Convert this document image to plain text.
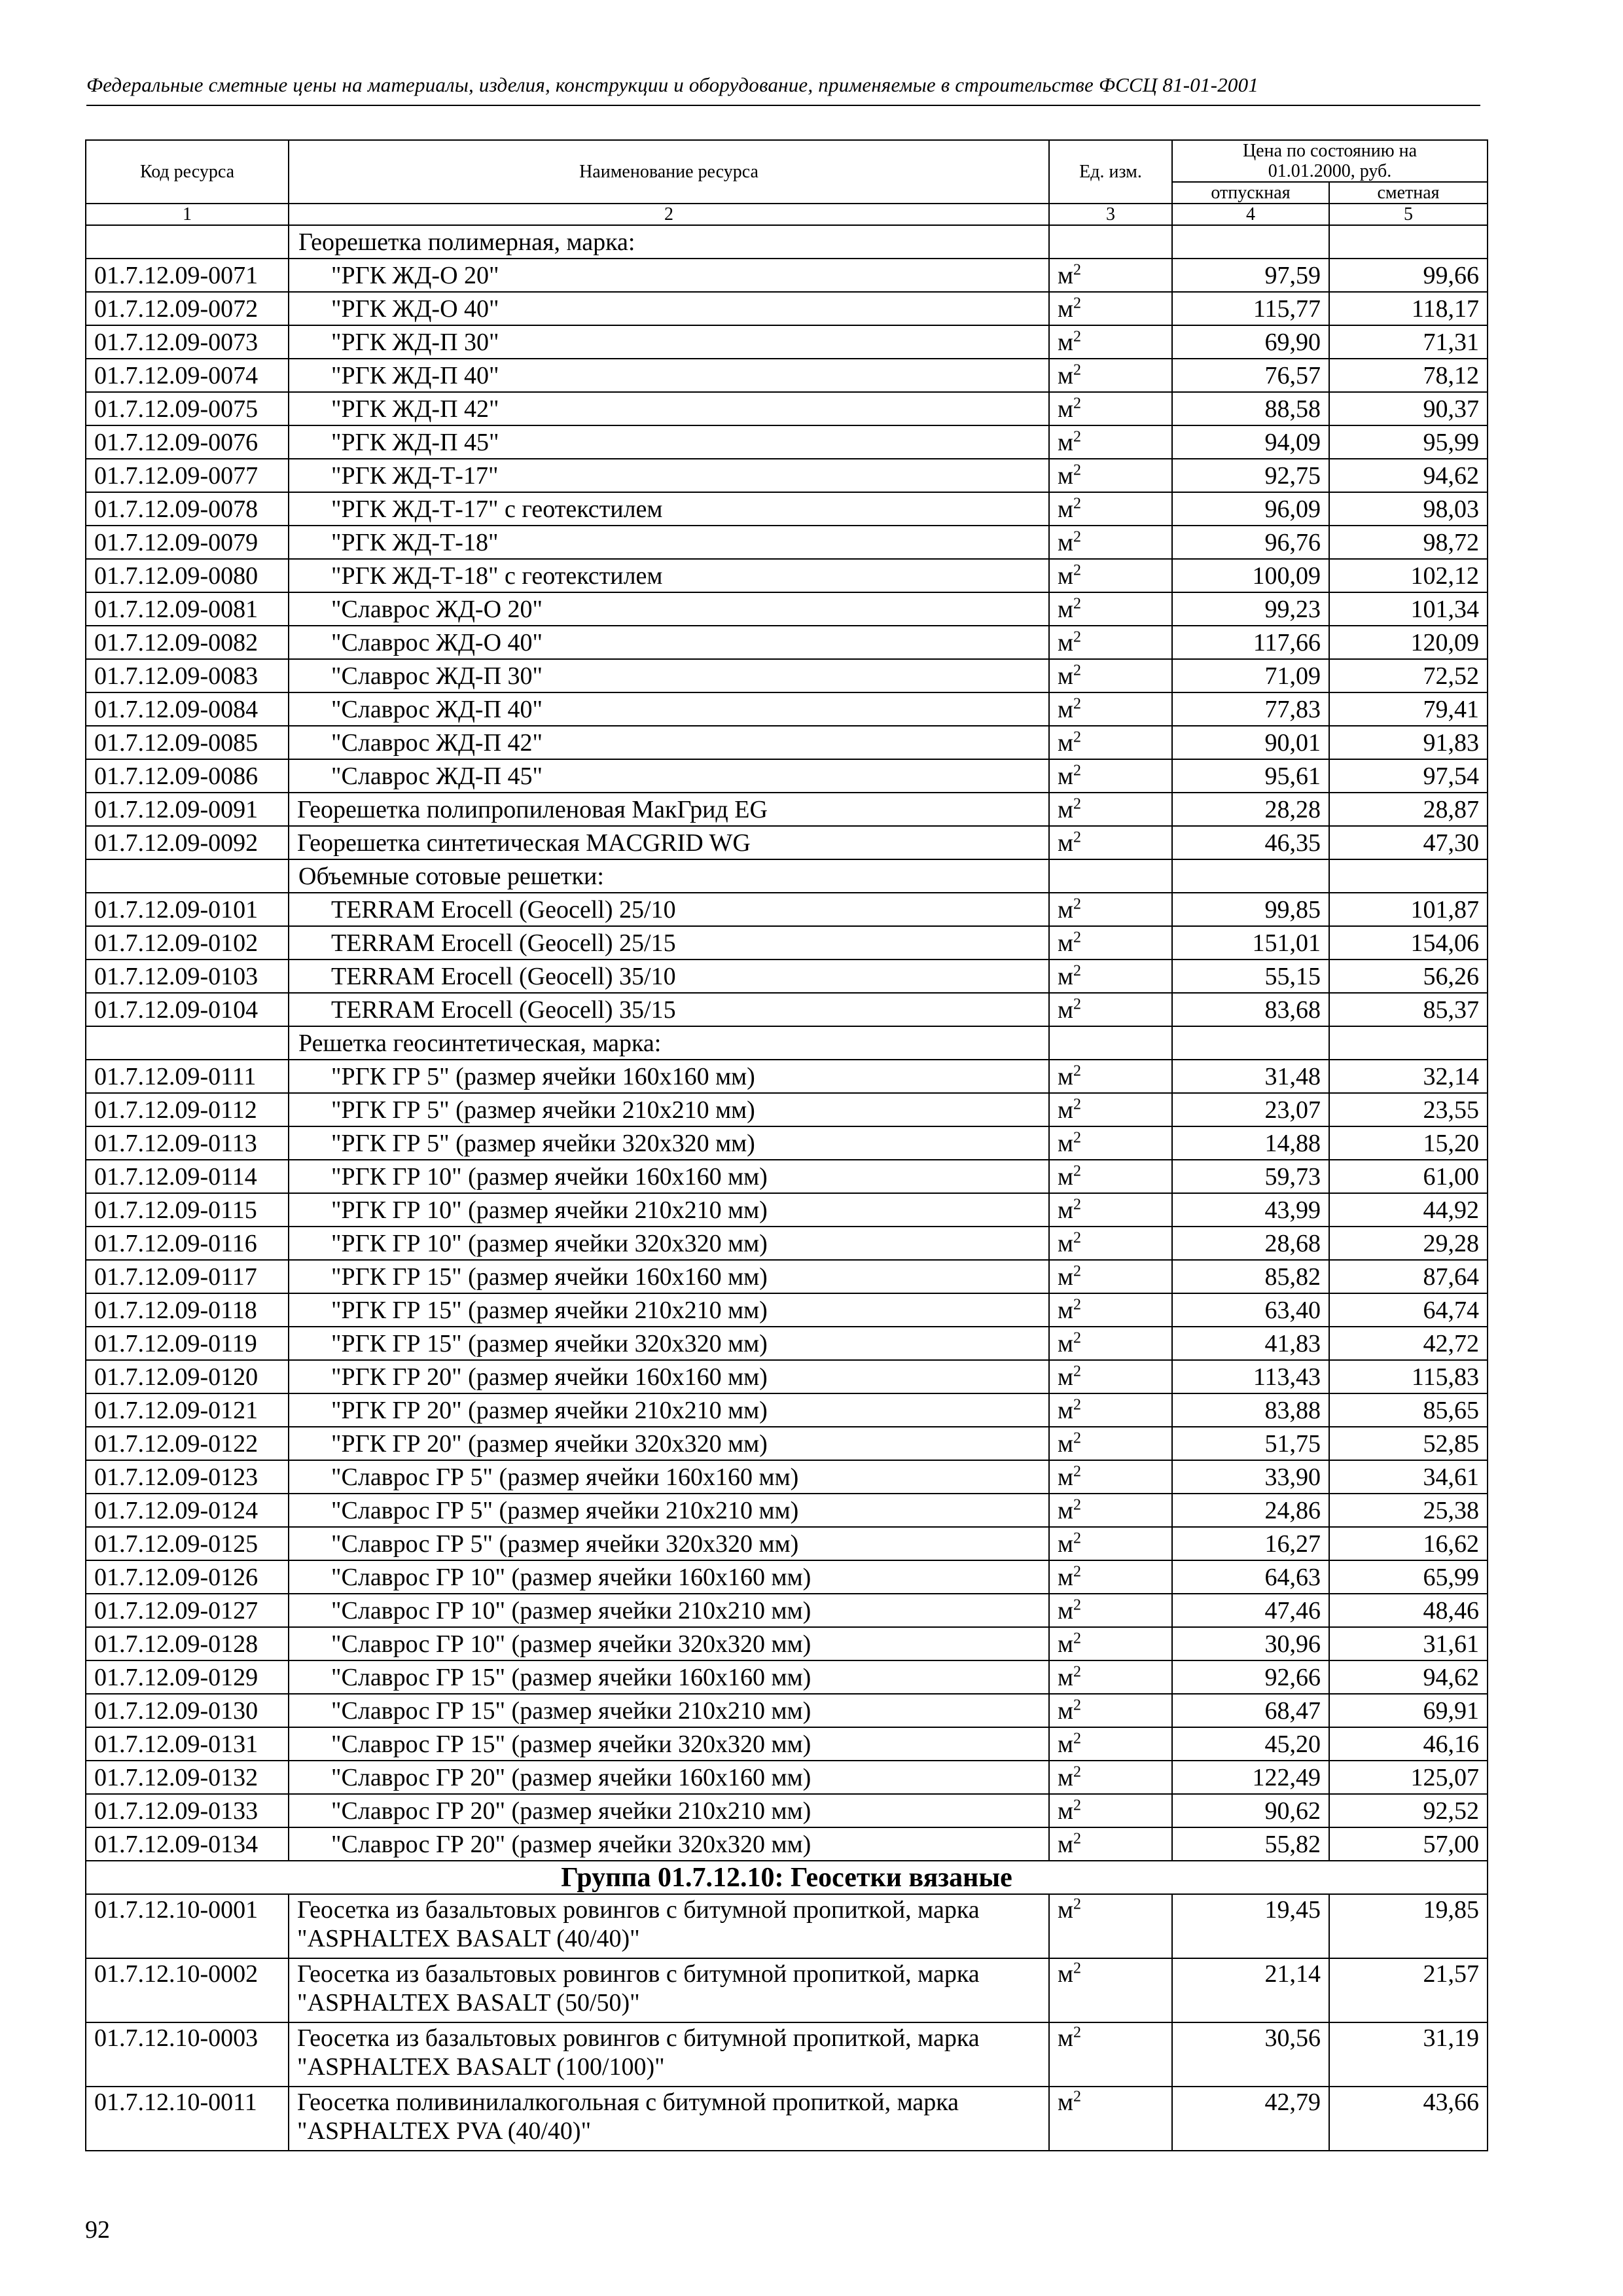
Федеральные сметные цены на материалы, изделия, конструкции и оборудование, применяемые в строительстве ФССЦ 81-01-2001
Код ресурса	Наименование ресурса	Ед. изм.	Цена по состоянию на 01.01.2000, руб.	
			отпускная	сметная
1	2	3	4	5
	Георешетка полимерная, марка:			
01.7.12.09-0071	"РГК ЖД-О 20"	$м^2$	97,59	99,66
01.7.12.09-0072	"РГК ЖД-О 40"	$м^2$	115,77	118,17
01.7.12.09-0073	"РГК ЖД-П 30"	$м^2$	69,90	71,31
01.7.12.09-0074	"РГК ЖД-П 40"	$м^2$	76,57	78,12
01.7.12.09-0075	"РГК ЖД-П 42"	$м^2$	88,58	90,37
01.7.12.09-0076	"РГК ЖД-П 45"	$м^2$	94,09	95,99
01.7.12.09-0077	"РГК ЖД-Т-17"	$м^2$	92,75	94,62
01.7.12.09-0078	"РГК ЖД-Т-17" с геотекстилем	$м^2$	96,09	98,03
01.7.12.09-0079	"РГК ЖД-Т-18"	$м^2$	96,76	98,72
01.7.12.09-0080	"РГК ЖД-Т-18" с геотекстилем	$м^2$	100,09	102,12
01.7.12.09-0081	"Славрос ЖД-О 20"	$м^2$	99,23	101,34
01.7.12.09-0082	"Славрос ЖД-О 40"	$м^2$	117,66	120,09
01.7.12.09-0083	"Славрос ЖД-П 30"	$м^2$	71,09	72,52
01.7.12.09-0084	"Славрос ЖД-П 40"	$м^2$	77,83	79,41
01.7.12.09-0085	"Славрос ЖД-П 42"	$м^2$	90,01	91,83
01.7.12.09-0086	"Славрос ЖД-П 45"	$м^2$	95,61	97,54
01.7.12.09-0091	Георешетка полипропиленовая МакГрид EG	$м^2$	28,28	28,87
01.7.12.09-0092	Георешетка синтетическая MACGRID WG	$м^2$	46,35	47,30
	Объемные сотовые решетки:			
01.7.12.09-0101	TERRAM Erocell (Geocell) 25/10	$м^2$	99,85	101,87
01.7.12.09-0102	TERRAM Erocell (Geocell) 25/15	$м^2$	151,01	154,06
01.7.12.09-0103	TERRAM Erocell (Geocell) 35/10	$м^2$	55,15	56,26
01.7.12.09-0104	TERRAM Erocell (Geocell) 35/15	$м^2$	83,68	85,37
	Решетка геосинтетическая, марка:			
01.7.12.09-0111	"РГК ГР 5" (размер ячейки 160х160 мм)	$м^2$	31,48	32,14
01.7.12.09-0112	"РГК ГР 5" (размер ячейки 210х210 мм)	$м^2$	23,07	23,55
01.7.12.09-0113	"РГК ГР 5" (размер ячейки 320х320 мм)	$м^2$	14,88	15,20
01.7.12.09-0114	"РГК ГР 10" (размер ячейки 160х160 мм)	$м^2$	59,73	61,00
01.7.12.09-0115	"РГК ГР 10" (размер ячейки 210х210 мм)	$м^2$	43,99	44,92
01.7.12.09-0116	"РГК ГР 10" (размер ячейки 320х320 мм)	$м^2$	28,68	29,28
01.7.12.09-0117	"РГК ГР 15" (размер ячейки 160х160 мм)	$м^2$	85,82	87,64
01.7.12.09-0118	"РГК ГР 15" (размер ячейки 210х210 мм)	$м^2$	63,40	64,74
01.7.12.09-0119	"РГК ГР 15" (размер ячейки 320х320 мм)	$м^2$	41,83	42,72
01.7.12.09-0120	"РГК ГР 20" (размер ячейки 160х160 мм)	$м^2$	113,43	115,83
01.7.12.09-0121	"РГК ГР 20" (размер ячейки 210х210 мм)	$м^2$	83,88	85,65
01.7.12.09-0122	"РГК ГР 20" (размер ячейки 320х320 мм)	$м^2$	51,75	52,85
01.7.12.09-0123	"Славрос ГР 5" (размер ячейки 160х160 мм)	$м^2$	33,90	34,61
01.7.12.09-0124	"Славрос ГР 5" (размер ячейки 210х210 мм)	$м^2$	24,86	25,38
01.7.12.09-0125	"Славрос ГР 5" (размер ячейки 320х320 мм)	$м^2$	16,27	16,62
01.7.12.09-0126	"Славрос ГР 10" (размер ячейки 160х160 мм)	$м^2$	64,63	65,99
01.7.12.09-0127	"Славрос ГР 10" (размер ячейки 210х210 мм)	$м^2$	47,46	48,46
01.7.12.09-0128	"Славрос ГР 10" (размер ячейки 320х320 мм)	$м^2$	30,96	31,61
01.7.12.09-0129	"Славрос ГР 15" (размер ячейки 160х160 мм)	$м^2$	92,66	94,62
01.7.12.09-0130	"Славрос ГР 15" (размер ячейки 210х210 мм)	$м^2$	68,47	69,91
01.7.12.09-0131	"Славрос ГР 15" (размер ячейки 320х320 мм)	$м^2$	45,20	46,16
01.7.12.09-0132	"Славрос ГР 20" (размер ячейки 160х160 мм)	$м^2$	122,49	125,07
01.7.12.09-0133	"Славрос ГР 20" (размер ячейки 210х210 мм)	$м^2$	90,62	92,52
01.7.12.09-0134	"Славрос ГР 20" (размер ячейки 320х320 мм)	$м^2$	55,82	57,00
Группа 01.7.12.10: Геосетки вязаные				
01.7.12.10-0001	Геосетка из базальтовых ровингов с битумной пропиткой, марка "ASPHALTEX BASALT (40/40)"	$м^2$	19,45	19,85
01.7.12.10-0002	Геосетка из базальтовых ровингов с битумной пропиткой, марка "ASPHALTEX BASALT (50/50)"	$м^2$	21,14	21,57
01.7.12.10-0003	Геосетка из базальтовых ровингов с битумной пропиткой, марка "ASPHALTEX BASALT (100/100)"	$м^2$	30,56	31,19
01.7.12.10-0011	Геосетка поливинилалкогольная с битумной пропиткой, марка "ASPHALTEX PVA (40/40)"	$м^2$	42,79	43,66
92
